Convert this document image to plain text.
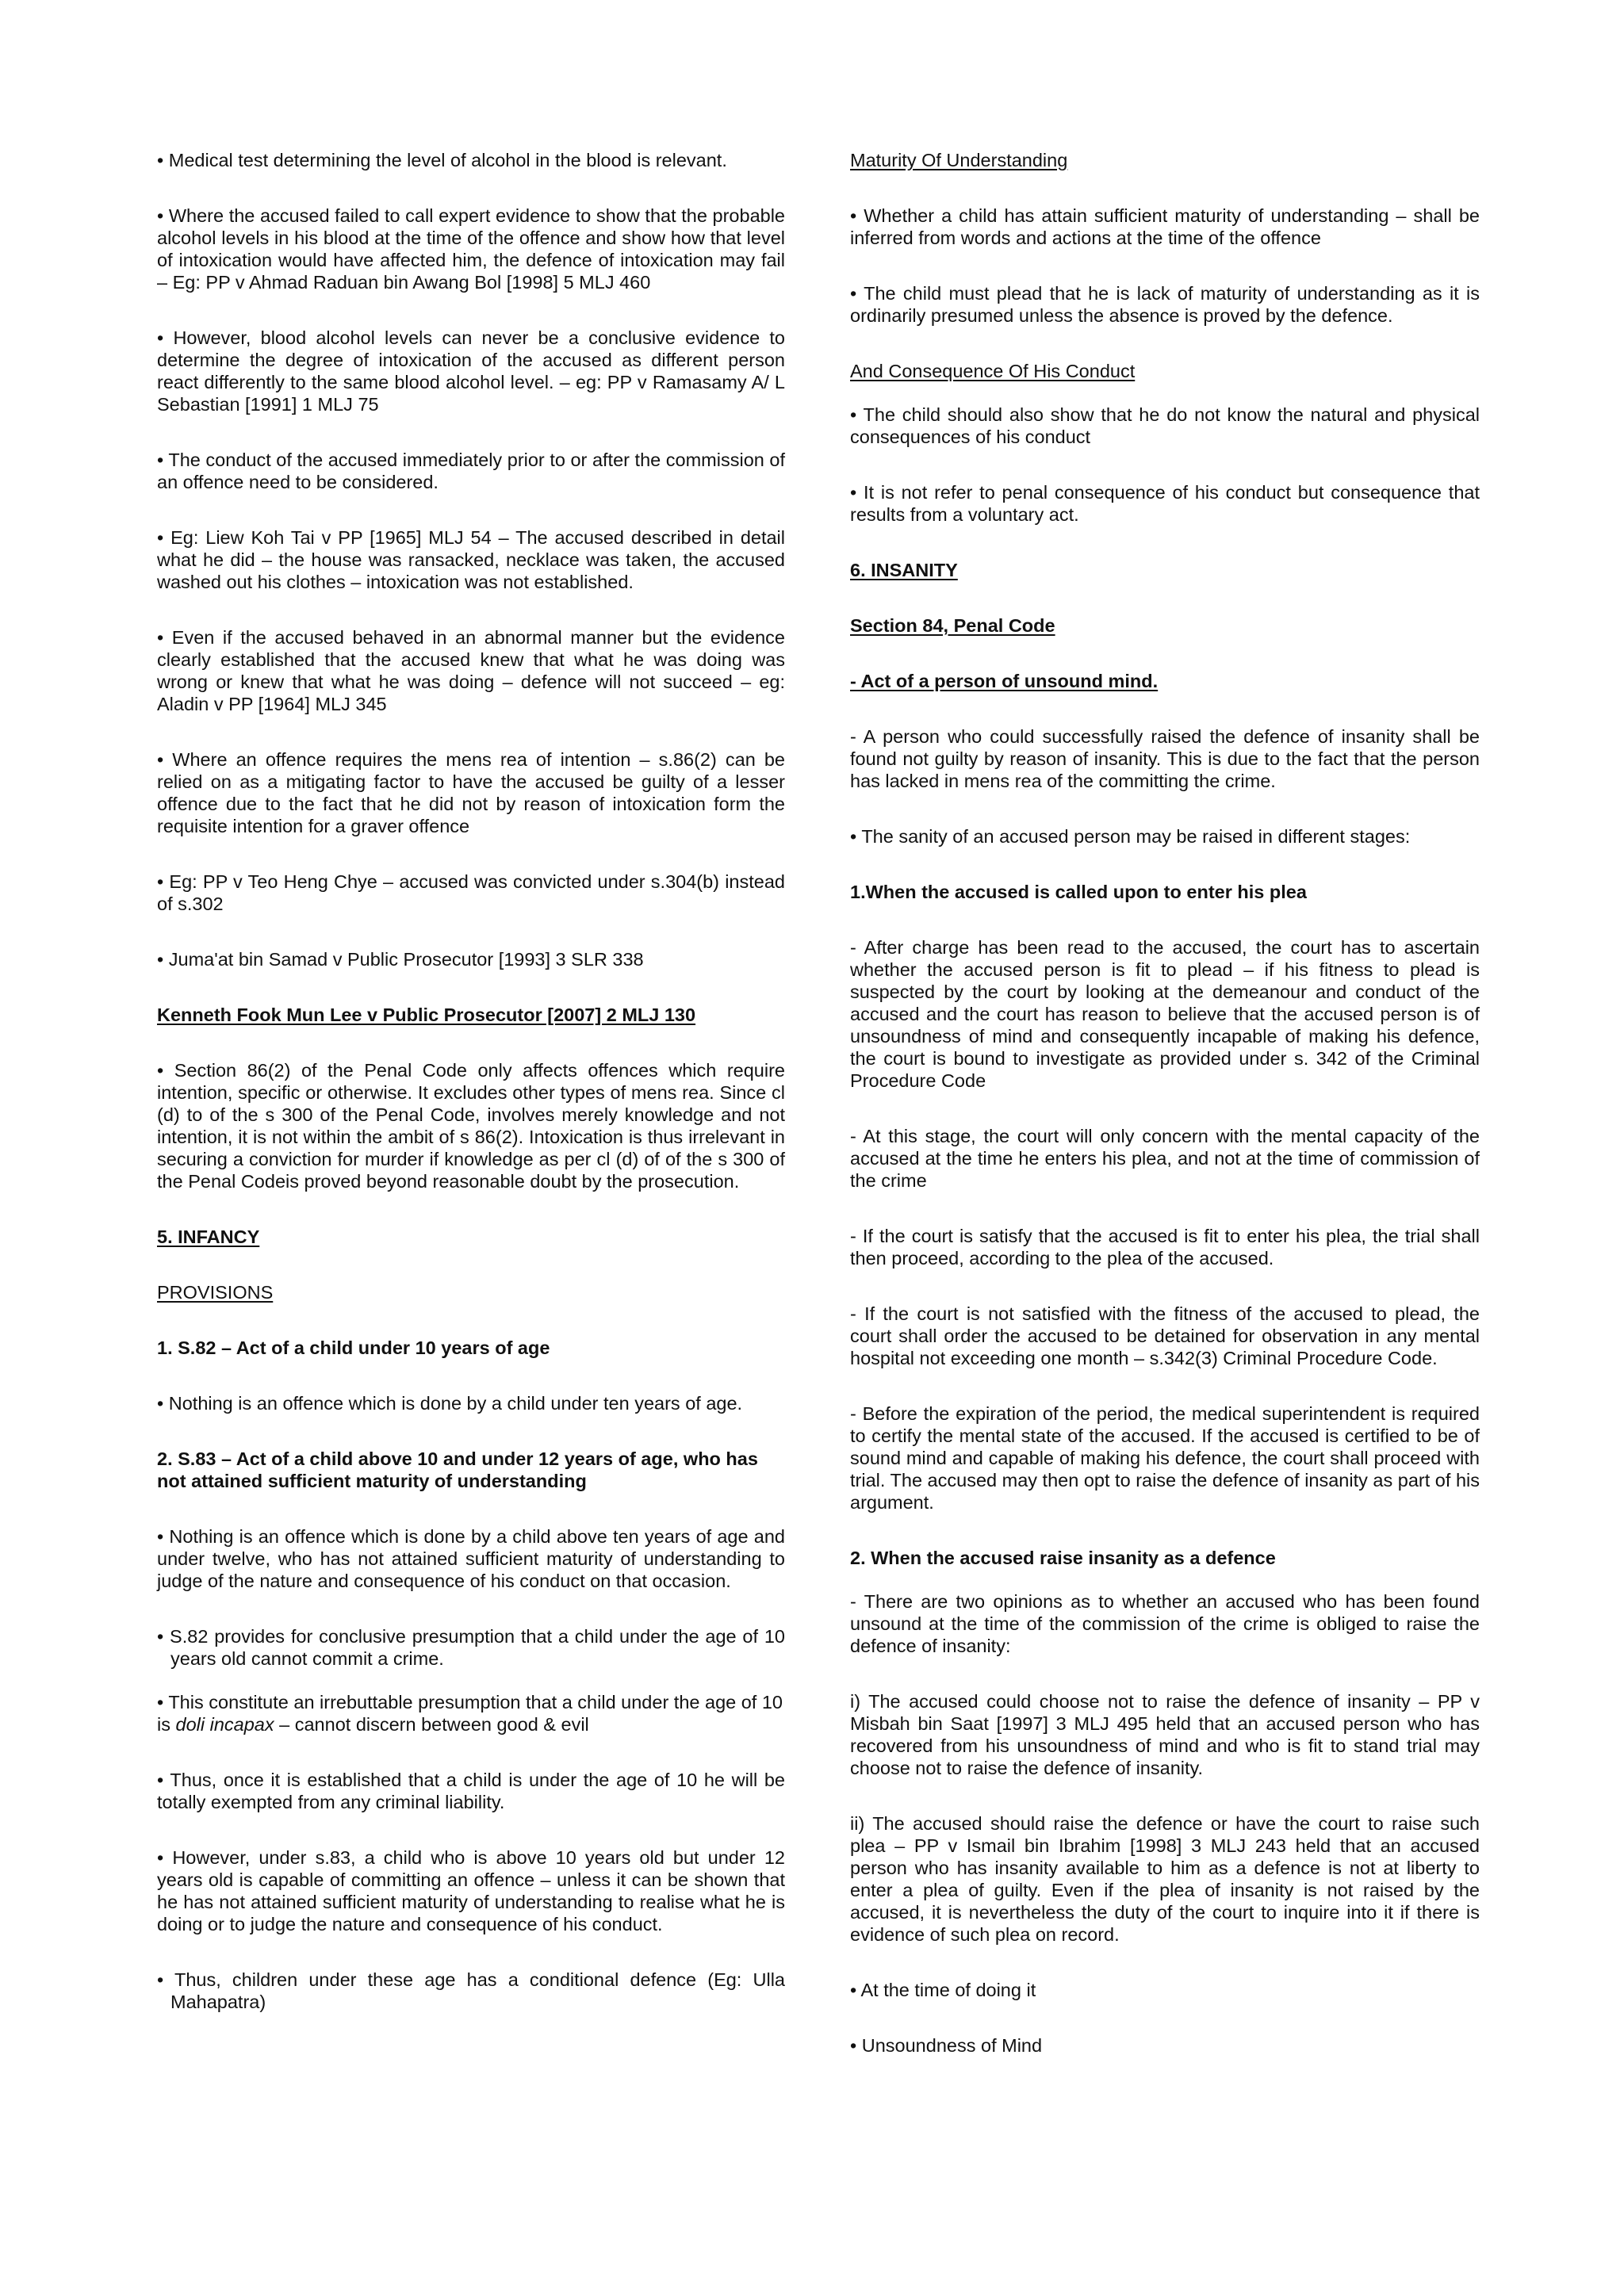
• Medical test determining the level of alcohol in the blood is relevant.

• Where the accused failed to call expert evidence to show that the probable alcohol levels in his blood at the time of the offence and show how that level of intoxication would have affected him, the defence of intoxication may fail – Eg: PP v Ahmad Raduan bin Awang Bol [1998] 5 MLJ 460

• However, blood alcohol levels can never be a conclusive evidence to determine the degree of intoxication of the accused as different person react differently to the same blood alcohol level. – eg: PP v Ramasamy A/ L Sebastian [1991] 1 MLJ 75

• The conduct of the accused immediately prior to or after the commission of an offence need to be considered.

• Eg: Liew Koh Tai v PP [1965] MLJ 54 – The accused described in detail what he did – the house was ransacked, necklace was taken, the accused washed out his clothes – intoxication was not established.

• Even if the accused behaved in an abnormal manner but the evidence clearly established that the accused knew that what he was doing was wrong or knew that what he was doing – defence will not succeed – eg: Aladin v PP [1964] MLJ 345

• Where an offence requires the mens rea of intention – s.86(2) can be relied on as a mitigating factor to have the accused be guilty of a lesser offence due to the fact that he did not by reason of intoxication form the requisite intention for a graver offence

• Eg: PP v Teo Heng Chye – accused was convicted under s.304(b) instead of s.302

• Juma'at bin Samad v Public Prosecutor [1993] 3 SLR 338

Kenneth Fook Mun Lee v Public Prosecutor [2007] 2 MLJ 130

• Section 86(2) of the Penal Code only affects offences which require intention, specific or otherwise. It excludes other types of mens rea. Since cl (d) to of the s 300 of the Penal Code, involves merely knowledge and not intention, it is not within the ambit of s 86(2). Intoxication is thus irrelevant in securing a conviction for murder if knowledge as per cl (d) of of the s 300 of the Penal Codeis proved beyond reasonable doubt by the prosecution.

5. INFANCY

PROVISIONS

1. S.82 – Act of a child under 10 years of age

• Nothing is an offence which is done by a child under ten years of age.

2. S.83 – Act of a child above 10 and under 12 years of age, who has not attained sufficient maturity of understanding

• Nothing is an offence which is done by a child above ten years of age and under twelve, who has not attained sufficient maturity of understanding to judge of the nature and consequence of his conduct on that occasion.

• S.82 provides for conclusive presumption that a child under the age of 10 years old cannot commit a crime.

• This constitute an irrebuttable presumption that a child under the age of 10 is doli incapax – cannot discern between good & evil

• Thus, once it is established that a child is under the age of 10 he will be totally exempted from any criminal liability.

• However, under s.83, a child who is above 10 years old but under 12 years old is capable of committing an offence – unless it can be shown that he has not attained sufficient maturity of understanding to realise what he is doing or to judge the nature and consequence of his conduct.

• Thus, children under these age has a conditional defence (Eg: Ulla Mahapatra)

Maturity Of Understanding

• Whether a child has attain sufficient maturity of understanding – shall be inferred from words and actions at the time of the offence

• The child must plead that he is lack of maturity of understanding as it is ordinarily presumed unless the absence is proved by the defence.

And Consequence Of His Conduct

• The child should also show that he do not know the natural and physical consequences of his conduct

• It is not refer to penal consequence of his conduct but consequence that results from a voluntary act.

6. INSANITY

Section 84, Penal Code

- Act of a person of unsound mind.

- A person who could successfully raised the defence of insanity shall be found not guilty by reason of insanity. This is due to the fact that the person has lacked in mens rea of the committing the crime.

• The sanity of an accused person may be raised in different stages:

1.When the accused is called upon to enter his plea

- After charge has been read to the accused, the court has to ascertain whether the accused person is fit to plead – if his fitness to plead is suspected by the court by looking at the demeanour and conduct of the accused and the court has reason to believe that the accused person is of unsoundness of mind and consequently incapable of making his defence, the court is bound to investigate as provided under s. 342 of the Criminal Procedure Code

- At this stage, the court will only concern with the mental capacity of the accused at the time he enters his plea, and not at the time of commission of the crime

- If the court is satisfy that the accused is fit to enter his plea, the trial shall then proceed, according to the plea of the accused.

- If the court is not satisfied with the fitness of the accused to plead, the court shall order the accused to be detained for observation in any mental hospital not exceeding one month – s.342(3) Criminal Procedure Code.

- Before the expiration of the period, the medical superintendent is required to certify the mental state of the accused. If the accused is certified to be of sound mind and capable of making his defence, the court shall proceed with trial. The accused may then opt to raise the defence of insanity as part of his argument.

2. When the accused raise insanity as a defence

- There are two opinions as to whether an accused who has been found unsound at the time of the commission of the crime is obliged to raise the defence of insanity:

i) The accused could choose not to raise the defence of insanity – PP v Misbah bin Saat [1997] 3 MLJ 495 held that an accused person who has recovered from his unsoundness of mind and who is fit to stand trial may choose not to raise the defence of insanity.

ii) The accused should raise the defence or have the court to raise such plea – PP v Ismail bin Ibrahim [1998] 3 MLJ 243 held that an accused person who has insanity available to him as a defence is not at liberty to enter a plea of guilty. Even if the plea of insanity is not raised by the accused, it is nevertheless the duty of the court to inquire into it if there is evidence of such plea on record.

• At the time of doing it

• Unsoundness of Mind
